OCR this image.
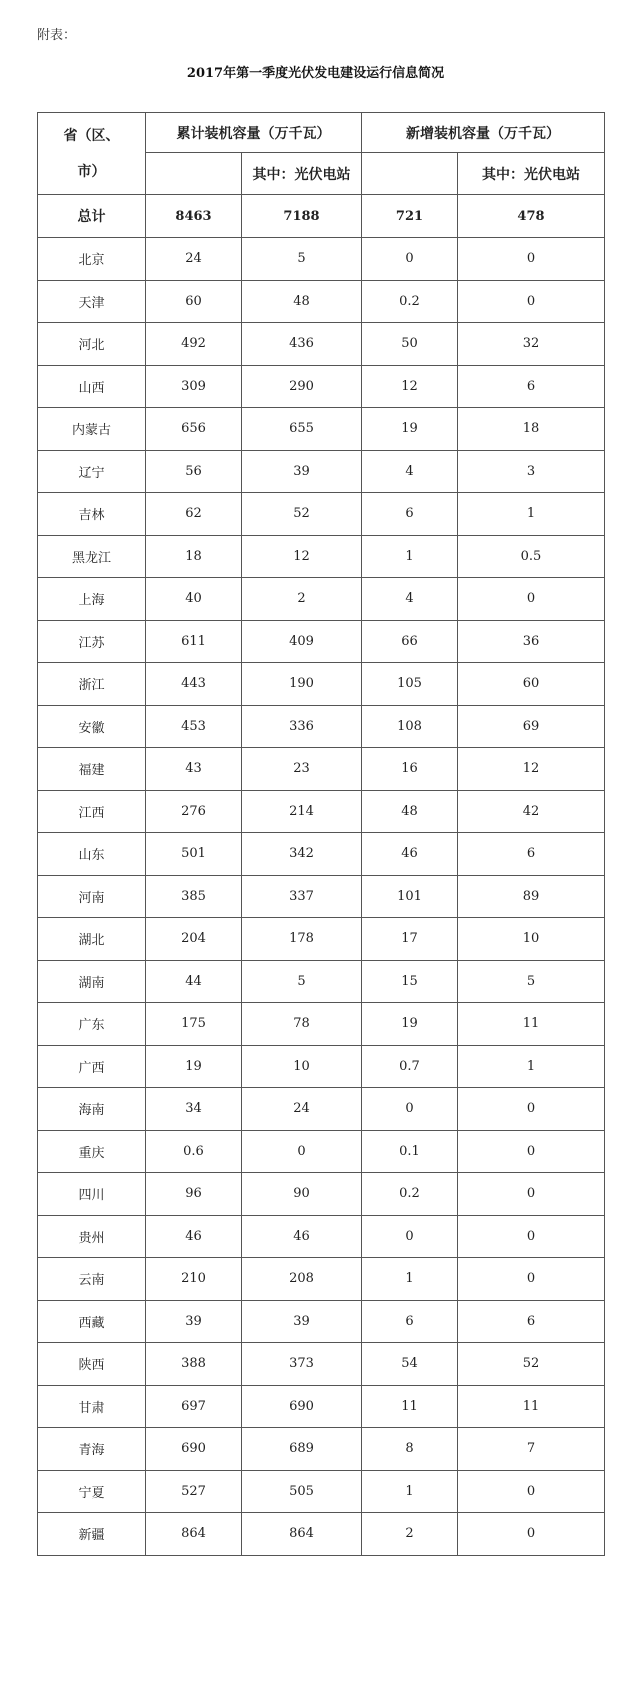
附表：
2017年第一季度光伏发电建设运行信息简况
省（区、市）	累计装机容量（万千瓦）		新增装机容量（万千瓦）	
		其中：光伏电站		其中：光伏电站
总计	8463	7188	721	478
北京	24	5	0	0
天津	60	48	0.2	0
河北	492	436	50	32
山西	309	290	12	6
内蒙古	656	655	19	18
辽宁	56	39	4	3
吉林	62	52	6	1
黑龙江	18	12	1	0.5
上海	40	2	4	0
江苏	611	409	66	36
浙江	443	190	105	60
安徽	453	336	108	69
福建	43	23	16	12
江西	276	214	48	42
山东	501	342	46	6
河南	385	337	101	89
湖北	204	178	17	10
湖南	44	5	15	5
广东	175	78	19	11
广西	19	10	0.7	1
海南	34	24	0	0
重庆	0.6	0	0.1	0
四川	96	90	0.2	0
贵州	46	46	0	0
云南	210	208	1	0
西藏	39	39	6	6
陕西	388	373	54	52
甘肃	697	690	11	11
青海	690	689	8	7
宁夏	527	505	1	0
新疆	864	864	2	0
